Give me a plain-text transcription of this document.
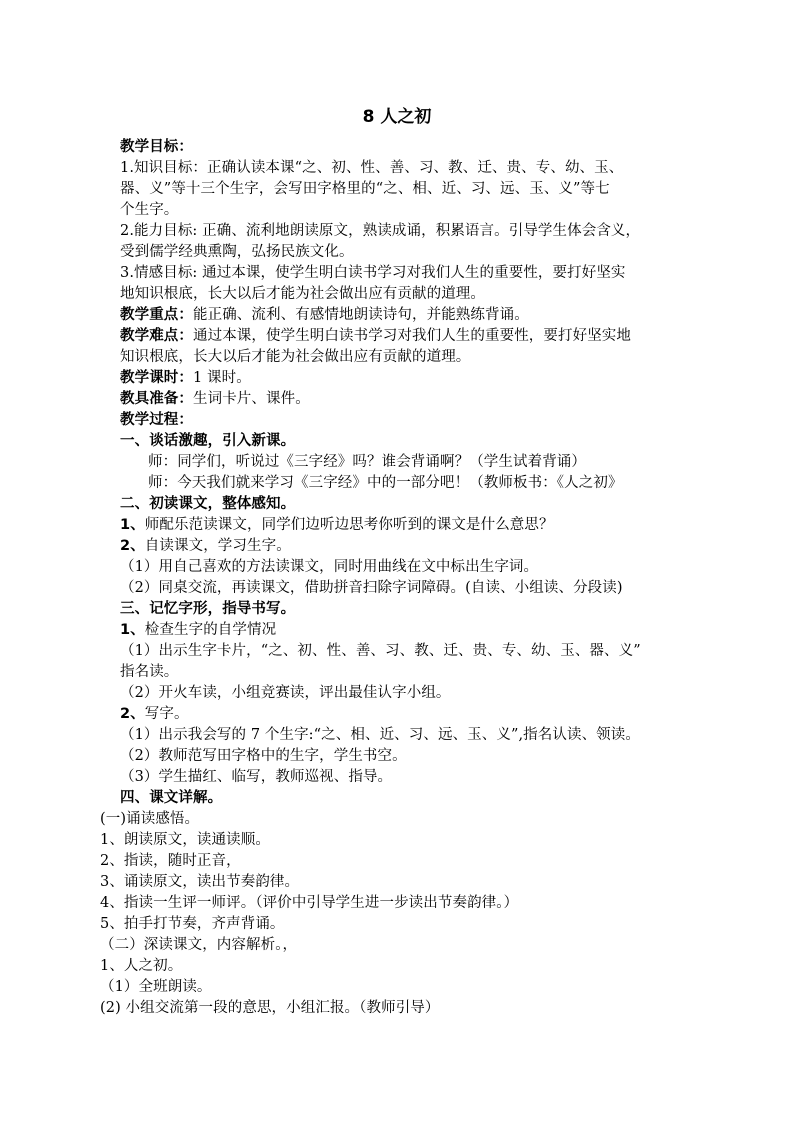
8 人之初
教学目标：
1.知识目标：正确认读本课“之、初、性、善、习、教、迁、贵、专、幼、玉、
器、义”等十三个生字，会写田字格里的“之、相、近、习、远、玉、义”等七
个生字。
2.能力目标: 正确、流利地朗读原文，熟读成诵，积累语言。引导学生体会含义，
受到儒学经典熏陶，弘扬民族文化。
3.情感目标: 通过本课，使学生明白读书学习对我们人生的重要性，要打好坚实
地知识根底，长大以后才能为社会做出应有贡献的道理。
教学重点：能正确、流利、有感情地朗读诗句，并能熟练背诵。
教学难点：通过本课，使学生明白读书学习对我们人生的重要性，要打好坚实地
知识根底，长大以后才能为社会做出应有贡献的道理。
教学课时：1 课时。
教具准备：生词卡片、课件。
教学过程：
一、谈话激趣，引入新课。
师：同学们，听说过《三字经》吗？谁会背诵啊？（学生试着背诵）
师：今天我们就来学习《三字经》中的一部分吧！（教师板书：《人之初》
二、初读课文，整体感知。
1、师配乐范读课文，同学们边听边思考你听到的课文是什么意思？
2、自读课文，学习生字。
（1）用自己喜欢的方法读课文，同时用曲线在文中标出生字词。
（2）同桌交流，再读课文，借助拼音扫除字词障碍。(自读、小组读、分段读)
三、记忆字形，指导书写。
1、检查生字的自学情况
（1）出示生字卡片，“之、初、性、善、习、教、迁、贵、专、幼、玉、器、义”
指名读。
（2）开火车读，小组竞赛读，评出最佳认字小组。
2、写字。
（1）出示我会写的 7 个生字:“之、相、近、习、远、玉、义”,指名认读、领读。
（2）教师范写田字格中的生字，学生书空。
（3）学生描红、临写，教师巡视、指导。
四、课文详解。
(一)诵读感悟。
1、朗读原文，读通读顺。
2、指读，随时正音，
3、诵读原文，读出节奏韵律。
4、指读一生评一师评。（评价中引导学生进一步读出节奏韵律。）
5、拍手打节奏，齐声背诵。
（二）深读课文，内容解析。，
1、人之初。
（1）全班朗读。
(2) 小组交流第一段的意思，小组汇报。（教师引导）
